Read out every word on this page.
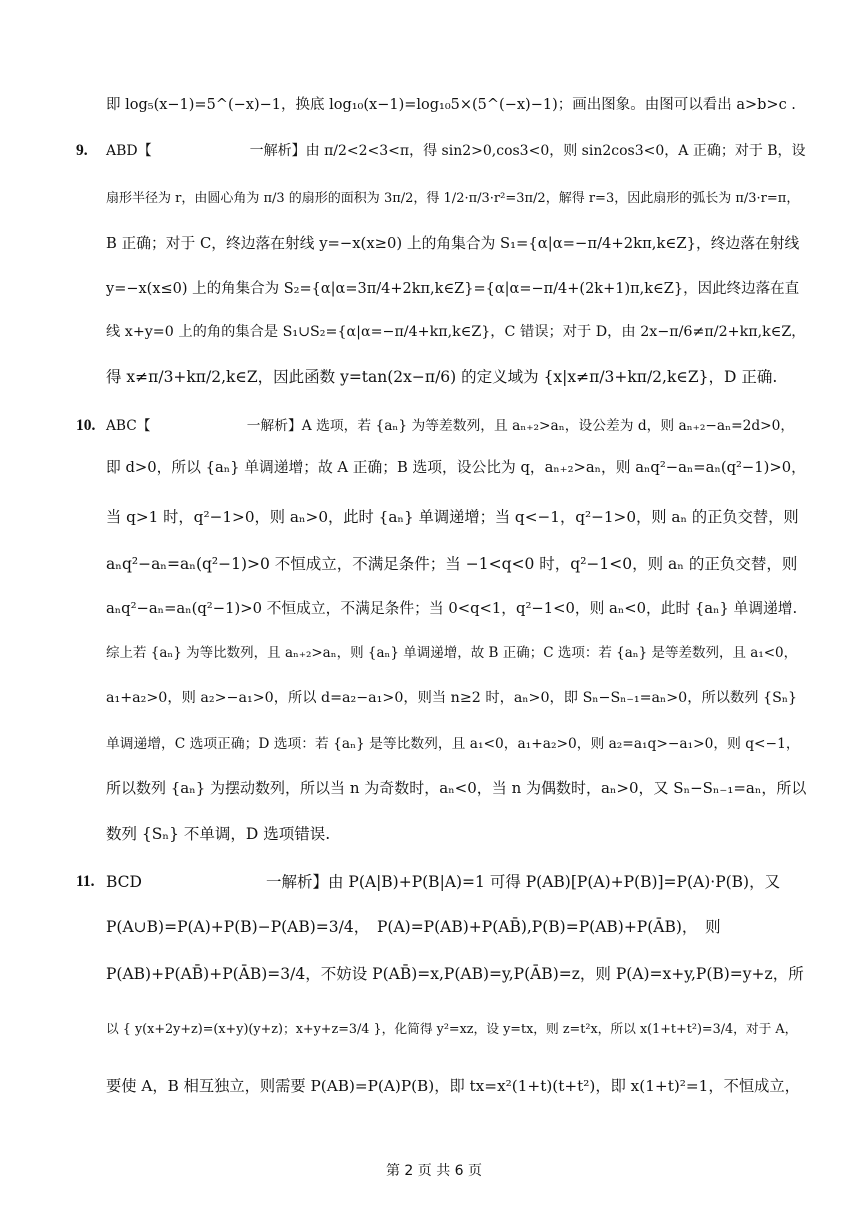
即 log₅(x−1)=5^(−x)−1，换底 log₁₀(x−1)=log₁₀5×(5^(−x)−1)；画出图象。由图可以看出 a>b>c .
9. ABD【　　　　　　　一解析】由 π/2<2<3<π，得 sin2>0,cos3<0，则 sin2cos3<0，A 正确；对于 B，设
扇形半径为 r，由圆心角为 π/3 的扇形的面积为 3π/2，得 1/2·π/3·r²=3π/2，解得 r=3，因此扇形的弧长为 π/3·r=π，
B 正确；对于 C，终边落在射线 y=−x(x≥0) 上的角集合为 S₁={α|α=−π/4+2kπ,k∈Z}，终边落在射线
y=−x(x≤0) 上的角集合为 S₂={α|α=3π/4+2kπ,k∈Z}={α|α=−π/4+(2k+1)π,k∈Z}，因此终边落在直
线 x+y=0 上的角的集合是 S₁∪S₂={α|α=−π/4+kπ,k∈Z}，C 错误；对于 D，由 2x−π/6≠π/2+kπ,k∈Z，
得 x≠π/3+kπ/2,k∈Z，因此函数 y=tan(2x−π/6) 的定义域为 {x|x≠π/3+kπ/2,k∈Z}，D 正确.
10. ABC【　　　　　　　一解析】A 选项，若 {aₙ} 为等差数列，且 aₙ₊₂>aₙ，设公差为 d，则 aₙ₊₂−aₙ=2d>0，
即 d>0，所以 {aₙ} 单调递增；故 A 正确；B 选项，设公比为 q，aₙ₊₂>aₙ，则 aₙq²−aₙ=aₙ(q²−1)>0，
当 q>1 时，q²−1>0，则 aₙ>0，此时 {aₙ} 单调递增；当 q<−1，q²−1>0，则 aₙ 的正负交替，则
aₙq²−aₙ=aₙ(q²−1)>0 不恒成立，不满足条件；当 −1<q<0 时，q²−1<0，则 aₙ 的正负交替，则
aₙq²−aₙ=aₙ(q²−1)>0 不恒成立，不满足条件；当 0<q<1，q²−1<0，则 aₙ<0，此时 {aₙ} 单调递增.
综上若 {aₙ} 为等比数列，且 aₙ₊₂>aₙ，则 {aₙ} 单调递增，故 B 正确；C 选项：若 {aₙ} 是等差数列，且 a₁<0，
a₁+a₂>0，则 a₂>−a₁>0，所以 d=a₂−a₁>0，则当 n≥2 时，aₙ>0，即 Sₙ−Sₙ₋₁=aₙ>0，所以数列 {Sₙ}
单调递增，C 选项正确；D 选项：若 {aₙ} 是等比数列，且 a₁<0，a₁+a₂>0，则 a₂=a₁q>−a₁>0，则 q<−1，
所以数列 {aₙ} 为摆动数列，所以当 n 为奇数时，aₙ<0，当 n 为偶数时，aₙ>0，又 Sₙ−Sₙ₋₁=aₙ，所以
数列 {Sₙ} 不单调，D 选项错误.
11. BCD　　　　　　　　一解析】由 P(A|B)+P(B|A)=1 可得 P(AB)[P(A)+P(B)]=P(A)·P(B)，又
P(A∪B)=P(A)+P(B)−P(AB)=3/4，　P(A)=P(AB)+P(AB̄),P(B)=P(AB)+P(ĀB)，　则
P(AB)+P(AB̄)+P(ĀB)=3/4，不妨设 P(AB̄)=x,P(AB)=y,P(ĀB)=z，则 P(A)=x+y,P(B)=y+z，所
以 { y(x+2y+z)=(x+y)(y+z)；x+y+z=3/4 }，化简得 y²=xz，设 y=tx，则 z=t²x，所以 x(1+t+t²)=3/4，对于 A，
要使 A，B 相互独立，则需要 P(AB)=P(A)P(B)，即 tx=x²(1+t)(t+t²)，即 x(1+t)²=1，不恒成立，
第 2 页 共 6 页
